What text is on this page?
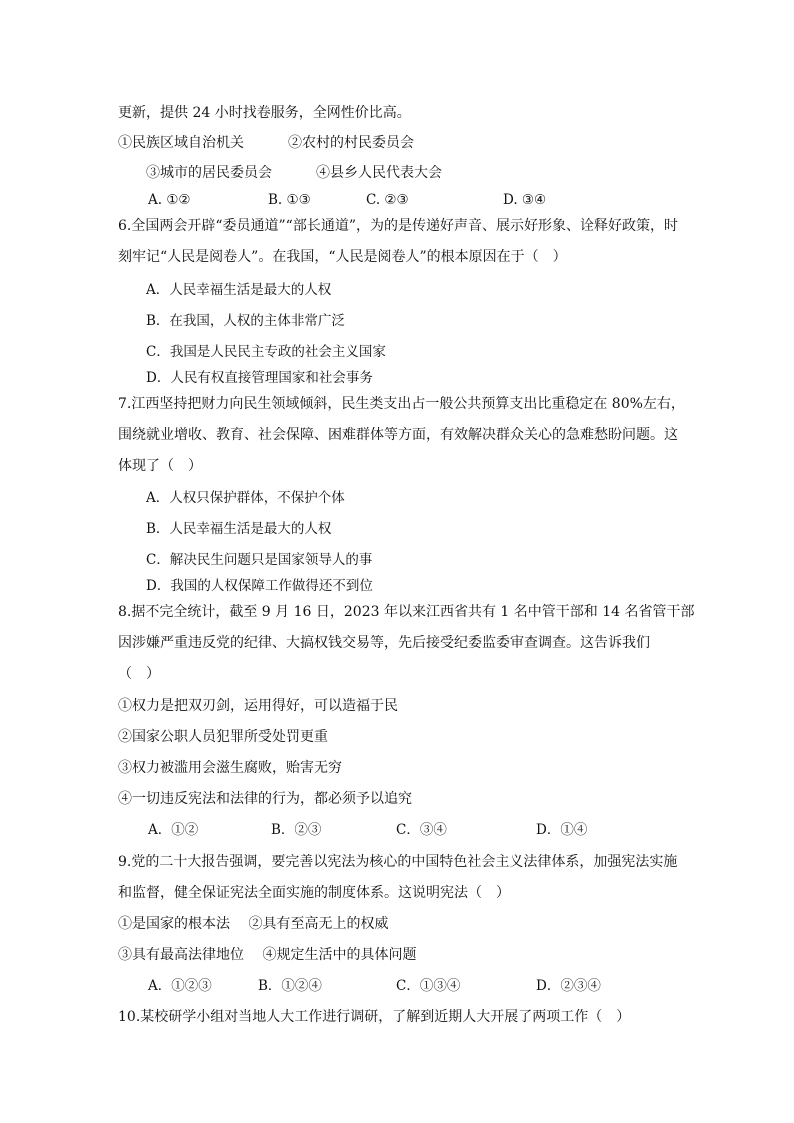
更新，提供 24 小时找卷服务，全网性价比高。
①民族区域自治机关	②农村的村民委员会
③城市的居民委员会	④县乡人民代表大会
A. ①②	B. ①③	C. ②③	D. ③④
6.全国两会开辟“委员通道”“部长通道”，为的是传递好声音、展示好形象、诠释好政策，时
刻牢记“人民是阅卷人”。在我国，“人民是阅卷人”的根本原因在于（　）
A．人民幸福生活是最大的人权
B．在我国，人权的主体非常广泛
C．我国是人民民主专政的社会主义国家
D．人民有权直接管理国家和社会事务
7.江西坚持把财力向民生领域倾斜，民生类支出占一般公共预算支出比重稳定在 80%左右，
围绕就业增收、教育、社会保障、困难群体等方面，有效解决群众关心的急难愁盼问题。这
体现了（　）
A．人权只保护群体，不保护个体
B．人民幸福生活是最大的人权
C．解决民生问题只是国家领导人的事
D．我国的人权保障工作做得还不到位
8.据不完全统计，截至 9 月 16 日，2023 年以来江西省共有 1 名中管干部和 14 名省管干部
因涉嫌严重违反党的纪律、大搞权钱交易等，先后接受纪委监委审查调查。这告诉我们
（　）
①权力是把双刃剑，运用得好，可以造福于民
②国家公职人员犯罪所受处罚更重
③权力被滥用会滋生腐败，贻害无穷
④一切违反宪法和法律的行为，都必须予以追究
A．①②	B．②③	C．③④	D．①④
9.党的二十大报告强调，要完善以宪法为核心的中国特色社会主义法律体系，加强宪法实施
和监督，健全保证宪法全面实施的制度体系。这说明宪法（　）
①是国家的根本法　 ②具有至高无上的权威
③具有最高法律地位　 ④规定生活中的具体问题
A．①②③	B．①②④	C．①③④	D．②③④
10.某校研学小组对当地人大工作进行调研，了解到近期人大开展了两项工作（　）
